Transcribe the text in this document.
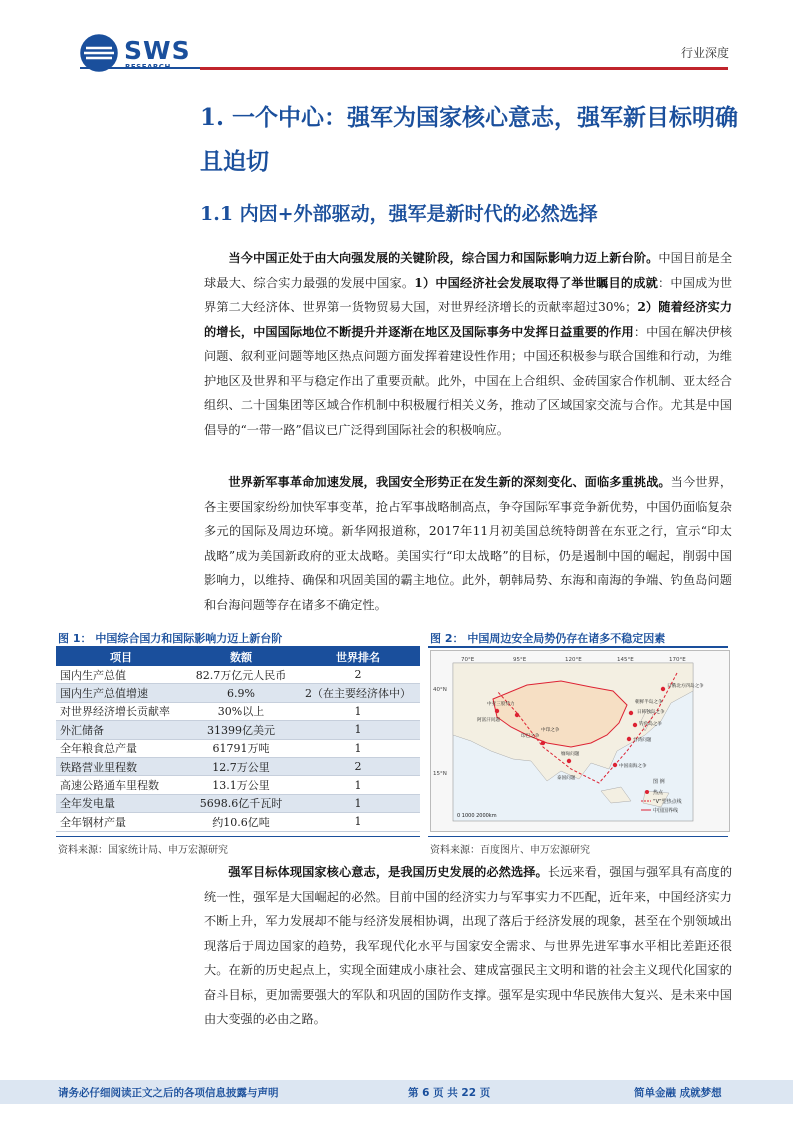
SWS	行业深度
1. 一个中心：强军为国家核心意志，强军新目标明确且迫切
1.1 内因+外部驱动，强军是新时代的必然选择
当今中国正处于由大向强发展的关键阶段，综合国力和国际影响力迈上新台阶。中国目前是全球最大、综合实力最强的发展中国家。1）中国经济社会发展取得了举世瞩目的成就：中国成为世界第二大经济体、世界第一货物贸易大国，对世界经济增长的贡献率超过30%；2）随着经济实力的增长，中国国际地位不断提升并逐渐在地区及国际事务中发挥日益重要的作用：中国在解决伊核问题、叙利亚问题等地区热点问题方面发挥着建设性作用；中国还积极参与联合国维和行动，为维护地区及世界和平与稳定作出了重要贡献。此外，中国在上合组织、金砖国家合作机制、亚太经合组织、二十国集团等区域合作机制中积极履行相关义务，推动了区域国家交流与合作。尤其是中国倡导的“一带一路”倡议已广泛得到国际社会的积极响应。
世界新军事革命加速发展，我国安全形势正在发生新的深刻变化、面临多重挑战。当今世界，各主要国家纷纷加快军事变革，抢占军事战略制高点，争夺国际军事竞争新优势，中国仍面临复杂多元的国际及周边环境。新华网报道称，2017年11月初美国总统特朗普在东亚之行，宣示“印太战略”成为美国新政府的亚太战略。美国实行“印太战略”的目标，仍是遏制中国的崛起，削弱中国影响力，以维持、确保和巩固美国的霸主地位。此外，朝韩局势、东海和南海的争端、钓鱼岛问题和台海问题等存在诸多不确定性。
图 1： 中国综合国力和国际影响力迈上新台阶
项目	数额	世界排名
国内生产总值	82.7万亿元人民币	2
国内生产总值增速	6.9%	2（在主要经济体中）
对世界经济增长贡献率	30%以上	1
外汇储备	31399亿美元	1
全年粮食总产量	61791万吨	1
铁路营业里程数	12.7万公里	2
高速公路通车里程数	13.1万公里	1
全年发电量	5698.6亿千瓦时	1
全年钢材产量	约10.6亿吨	1
资料来源：国家统计局、申万宏源研究
图 2： 中国周边安全局势仍存在诸多不稳定因素
70°E	95°E	120°E	145°E	170°E
40°N
15°N
日俄北方四岛之争
朝鲜半岛之争
日韩独岛之争
钓鱼岛之争
台湾问题
中国南海之争
印巴之争
中印之争
阿富汗问题
中亚三股势力
缅甸问题
泰国问题
图 例
热点
“V”型热点线
中国国界线
0 1000 2000km
资料来源：百度图片、申万宏源研究
强军目标体现国家核心意志，是我国历史发展的必然选择。长远来看，强国与强军具有高度的统一性，强军是大国崛起的必然。目前中国的经济实力与军事实力不匹配，近年来，中国经济实力不断上升，军力发展却不能与经济发展相协调，出现了落后于经济发展的现象，甚至在个别领域出现落后于周边国家的趋势，我军现代化水平与国家安全需求、与世界先进军事水平相比差距还很大。在新的历史起点上，实现全面建成小康社会、建成富强民主文明和谐的社会主义现代化国家的奋斗目标，更加需要强大的军队和巩固的国防作支撑。强军是实现中华民族伟大复兴、是未来中国由大变强的必由之路。
请务必仔细阅读正文之后的各项信息披露与声明	第 6 页 共 22 页	简单金融 成就梦想
